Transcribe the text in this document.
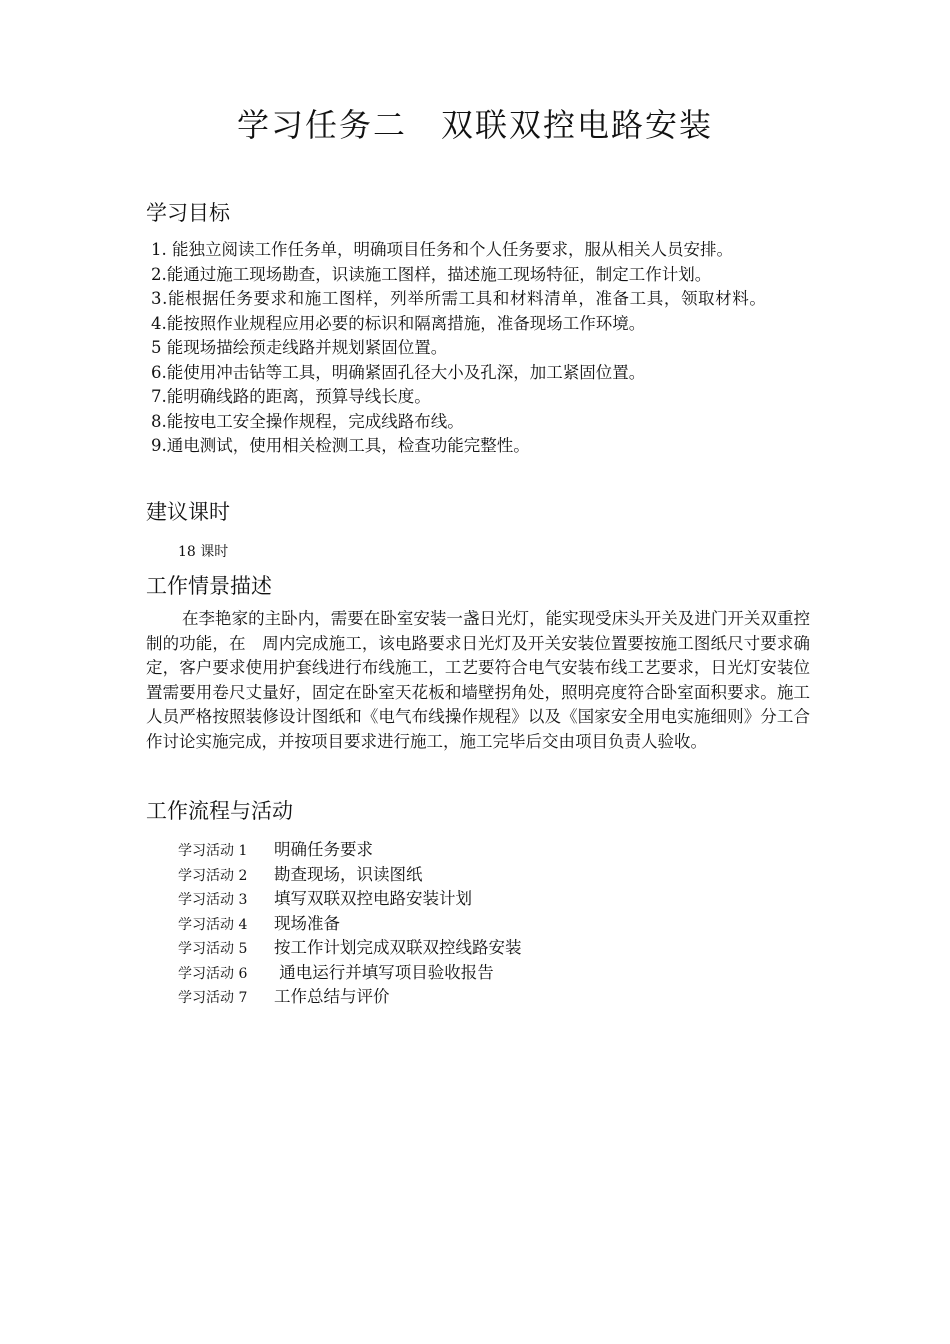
学习任务二　双联双控电路安装
学习目标
1. 能独立阅读工作任务单，明确项目任务和个人任务要求，服从相关人员安排。
2.能通过施工现场勘查，识读施工图样，描述施工现场特征，制定工作计划。
3.能根据任务要求和施工图样，列举所需工具和材料清单，准备工具，领取材料。
4.能按照作业规程应用必要的标识和隔离措施，准备现场工作环境。
5 能现场描绘预走线路并规划紧固位置。
6.能使用冲击钻等工具，明确紧固孔径大小及孔深，加工紧固位置。
7.能明确线路的距离，预算导线长度。
8.能按电工安全操作规程，完成线路布线。
9.通电测试，使用相关检测工具，检查功能完整性。
建议课时
18 课时
工作情景描述
在李艳家的主卧内，需要在卧室安装一盏日光灯，能实现受床头开关及进门开关双重控制的功能，在　周内完成施工，该电路要求日光灯及开关安装位置要按施工图纸尺寸要求确定，客户要求使用护套线进行布线施工，工艺要符合电气安装布线工艺要求，日光灯安装位置需要用卷尺丈量好，固定在卧室天花板和墙壁拐角处，照明亮度符合卧室面积要求。施工人员严格按照装修设计图纸和《电气布线操作规程》以及《国家安全用电实施细则》分工合作讨论实施完成，并按项目要求进行施工，施工完毕后交由项目负责人验收。
工作流程与活动
学习活动 1 明确任务要求
学习活动 2 勘查现场，识读图纸
学习活动 3 填写双联双控电路安装计划
学习活动 4 现场准备
学习活动 5 按工作计划完成双联双控线路安装
学习活动 6 通电运行并填写项目验收报告
学习活动 7 工作总结与评价
